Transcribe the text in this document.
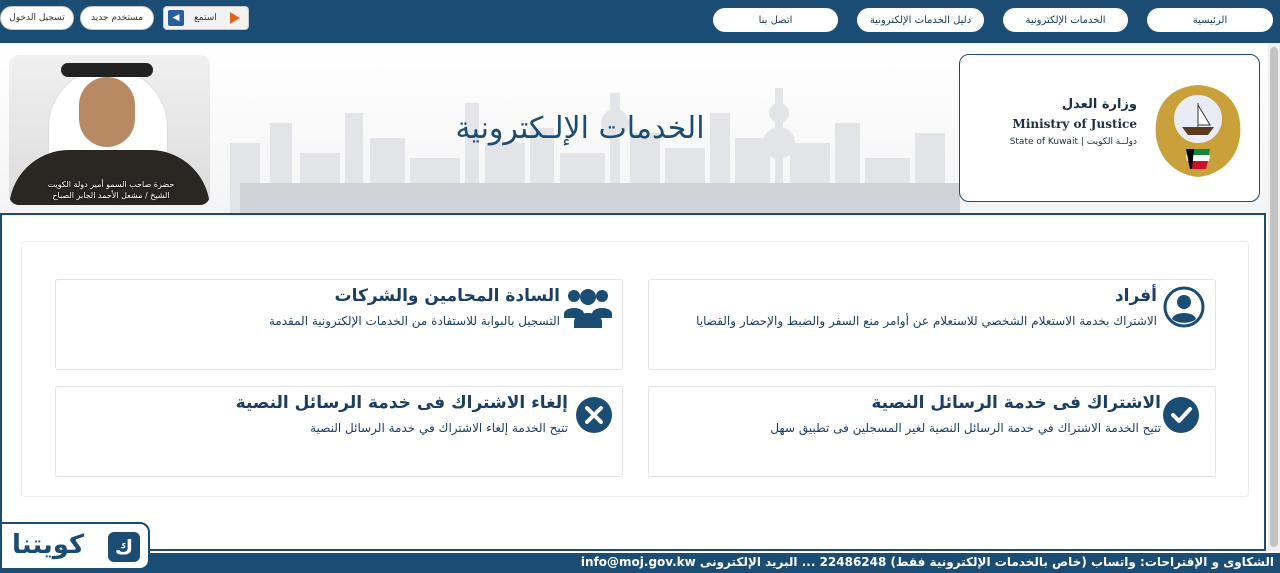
تسجيل الدخول	مستخدم جديد	◀	استمع	اتصل بنا	دليل الخدمات الإلكترونية	الخدمات الإلكترونية	الرئيسية
الخدمات الإلـكترونية
حضرة صاحب السمو أمير دولة الكويت
الشيخ / مشعل الأحمد الجابر الصباح
وزارة العدل
Ministry of Justice
State of Kuwait | دولــة الكويت
أفراد
الاشتراك بخدمة الاستعلام الشخصي للاستعلام عن أوامر منع السفر والضبط والإحضار والقضايا
السادة المحامين والشركات
التسجيل بالبوابة للاستفادة من الخدمات الإلكترونية المقدمة
الاشتراك فى خدمة الرسائل النصية
تتيح الخدمة الاشتراك في خدمة الرسائل النصية لغير المسجلين فى تطبيق سهل
إلغاء الاشتراك فى خدمة الرسائل النصية
تتيح الخدمة إلغاء الاشتراك في خدمة الرسائل النصية
الشكاوى و الإقتراحات: واتساب (خاص بالخدمات الإلكترونية فقط) 22486248 ... البريد الإلكترونى info@moj.gov.kw
كويتنا	ك
